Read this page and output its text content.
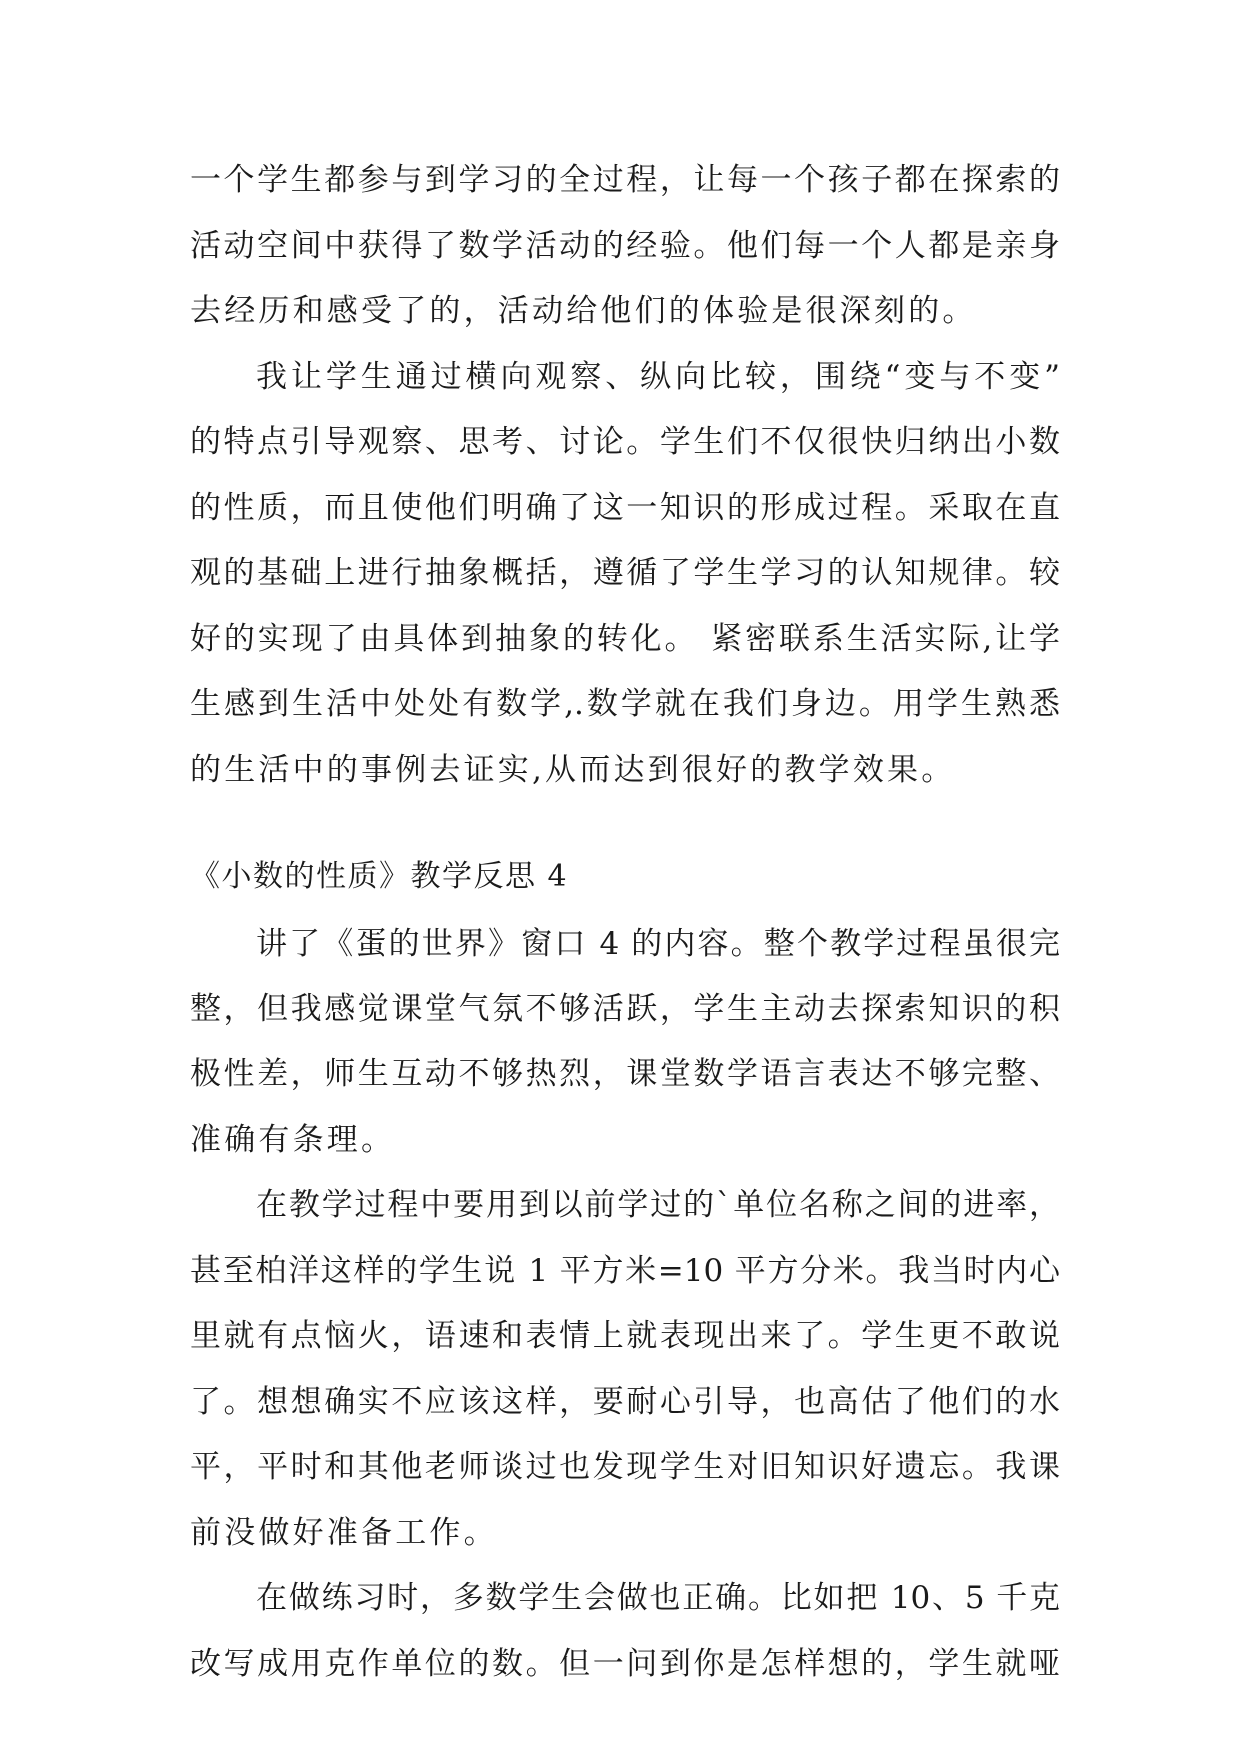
一个学生都参与到学习的全过程，让每一个孩子都在探索的
活动空间中获得了数学活动的经验。他们每一个人都是亲身
去经历和感受了的，活动给他们的体验是很深刻的。
我让学生通过横向观察、纵向比较，围绕“变与不变”
的特点引导观察、思考、讨论。学生们不仅很快归纳出小数
的性质，而且使他们明确了这一知识的形成过程。采取在直
观的基础上进行抽象概括，遵循了学生学习的认知规律。较
好的实现了由具体到抽象的转化。 紧密联系生活实际,让学
生感到生活中处处有数学,.数学就在我们身边。用学生熟悉
的生活中的事例去证实,从而达到很好的教学效果。
《小数的性质》教学反思 4
讲了《蛋的世界》窗口 4 的内容。整个教学过程虽很完
整，但我感觉课堂气氛不够活跃，学生主动去探索知识的积
极性差，师生互动不够热烈，课堂数学语言表达不够完整、
准确有条理。
在教学过程中要用到以前学过的`单位名称之间的进率，
甚至柏洋这样的学生说 1 平方米=10 平方分米。我当时内心
里就有点恼火，语速和表情上就表现出来了。学生更不敢说
了。想想确实不应该这样，要耐心引导，也高估了他们的水
平，平时和其他老师谈过也发现学生对旧知识好遗忘。我课
前没做好准备工作。
在做练习时，多数学生会做也正确。比如把 10、5 千克
改写成用克作单位的数。但一问到你是怎样想的，学生就哑
